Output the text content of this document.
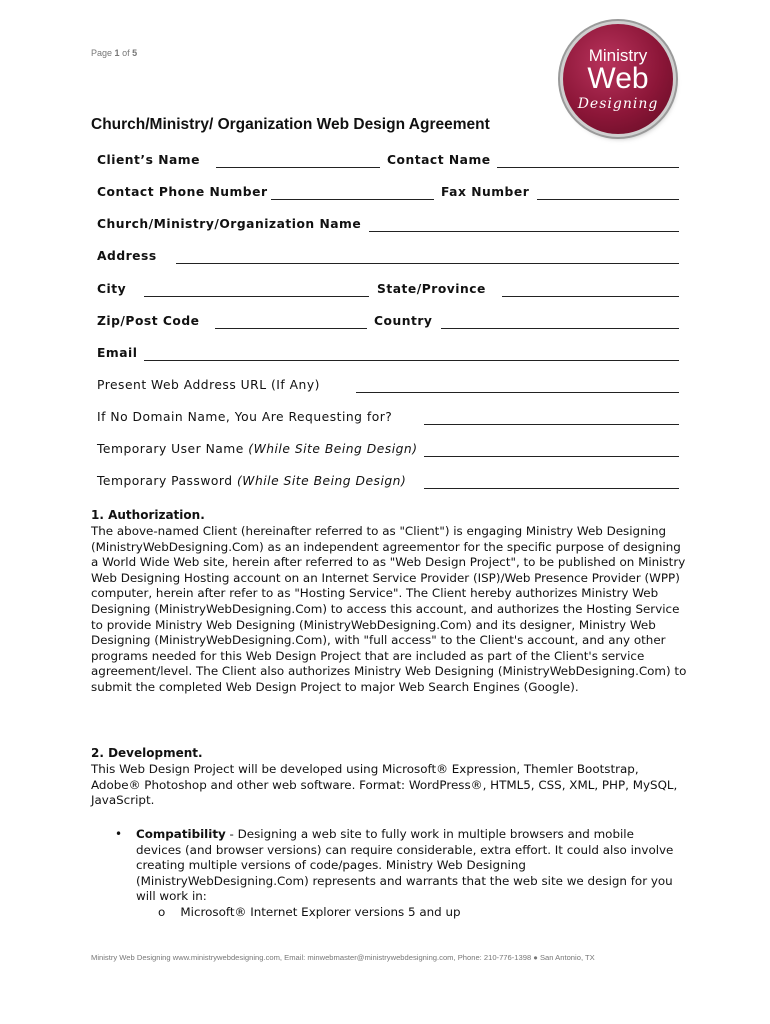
Page 1 of 5	Ministry
Web
Designing
Church/Ministry/ Organization Web Design Agreement
Client’s Name	Contact Name
Contact Phone Number	Fax Number
Church/Ministry/Organization Name
Address
City	State/Province
Zip/Post Code	Country
Email
Present Web Address URL (If Any)
If No Domain Name, You Are Requesting for?
Temporary User Name (While Site Being Design)
Temporary Password (While Site Being Design)
1. Authorization.
The above-named Client (hereinafter referred to as "Client") is engaging Ministry Web Designing (MinistryWebDesigning.Com) as an independent agreementor for the specific purpose of designing a World Wide Web site, herein after referred to as "Web Design Project", to be published on Ministry Web Designing Hosting account on an Internet Service Provider (ISP)/Web Presence Provider (WPP) computer, herein after refer to as "Hosting Service". The Client hereby authorizes Ministry Web Designing (MinistryWebDesigning.Com) to access this account, and authorizes the Hosting Service to provide Ministry Web Designing (MinistryWebDesigning.Com) and its designer, Ministry Web Designing (MinistryWebDesigning.Com), with "full access" to the Client's account, and any other programs needed for this Web Design Project that are included as part of the Client's service agreement/level. The Client also authorizes Ministry Web Designing (MinistryWebDesigning.Com) to submit the completed Web Design Project to major Web Search Engines (Google).
2. Development.
This Web Design Project will be developed using Microsoft® Expression, Themler Bootstrap, Adobe® Photoshop and other web software. Format: WordPress®, HTML5, CSS, XML, PHP, MySQL, JavaScript.
• Compatibility - Designing a web site to fully work in multiple browsers and mobile devices (and browser versions) can require considerable, extra effort. It could also involve creating multiple versions of code/pages. Ministry Web Designing (MinistryWebDesigning.Com) represents and warrants that the web site we design for you will work in:
o Microsoft® Internet Explorer versions 5 and up
Ministry Web Designing www.ministrywebdesigning.com, Email: minwebmaster@ministrywebdesigning.com, Phone: 210-776-1398 ● San Antonio, TX
